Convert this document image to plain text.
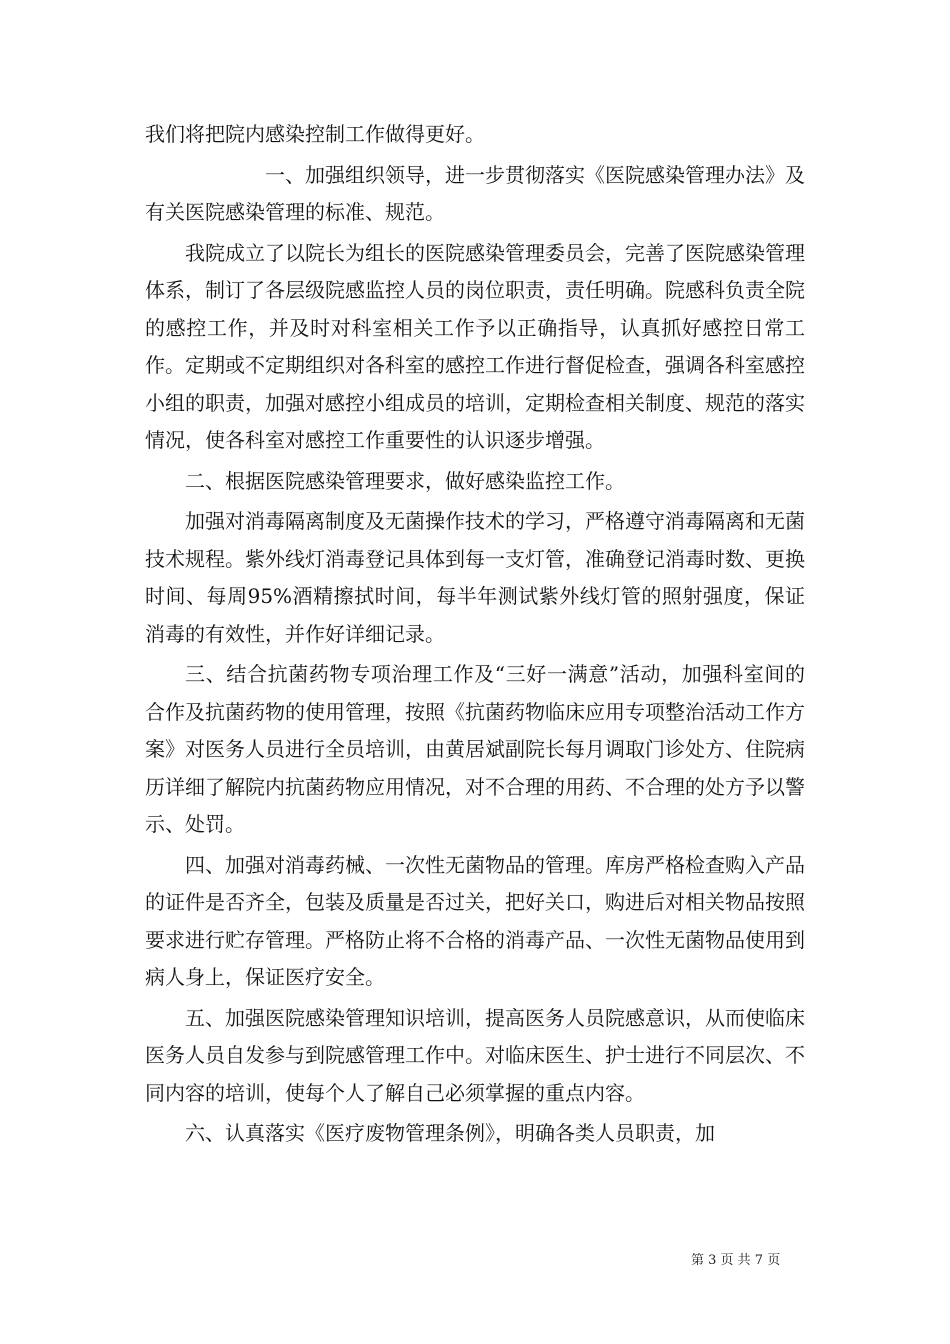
我们将把院内感染控制工作做得更好。

一、加强组织领导，进一步贯彻落实《医院感染管理办法》及有关医院感染管理的标准、规范。

我院成立了以院长为组长的医院感染管理委员会，完善了医院感染管理体系，制订了各层级院感监控人员的岗位职责，责任明确。院感科负责全院的感控工作，并及时对科室相关工作予以正确指导，认真抓好感控日常工作。定期或不定期组织对各科室的感控工作进行督促检查，强调各科室感控小组的职责，加强对感控小组成员的培训，定期检查相关制度、规范的落实情况，使各科室对感控工作重要性的认识逐步增强。

二、根据医院感染管理要求，做好感染监控工作。

加强对消毒隔离制度及无菌操作技术的学习，严格遵守消毒隔离和无菌技术规程。紫外线灯消毒登记具体到每一支灯管，准确登记消毒时数、更换时间、每周95%酒精擦拭时间，每半年测试紫外线灯管的照射强度，保证消毒的有效性，并作好详细记录。

三、结合抗菌药物专项治理工作及“三好一满意”活动，加强科室间的合作及抗菌药物的使用管理，按照《抗菌药物临床应用专项整治活动工作方案》对医务人员进行全员培训，由黄居斌副院长每月调取门诊处方、住院病历详细了解院内抗菌药物应用情况，对不合理的用药、不合理的处方予以警示、处罚。

四、加强对消毒药械、一次性无菌物品的管理。库房严格检查购入产品的证件是否齐全，包装及质量是否过关，把好关口，购进后对相关物品按照要求进行贮存管理。严格防止将不合格的消毒产品、一次性无菌物品使用到病人身上，保证医疗安全。

五、加强医院感染管理知识培训，提高医务人员院感意识，从而使临床医务人员自发参与到院感管理工作中。对临床医生、护士进行不同层次、不同内容的培训，使每个人了解自己必须掌握的重点内容。

六、认真落实《医疗废物管理条例》，明确各类人员职责，加

第 3 页 共 7 页
